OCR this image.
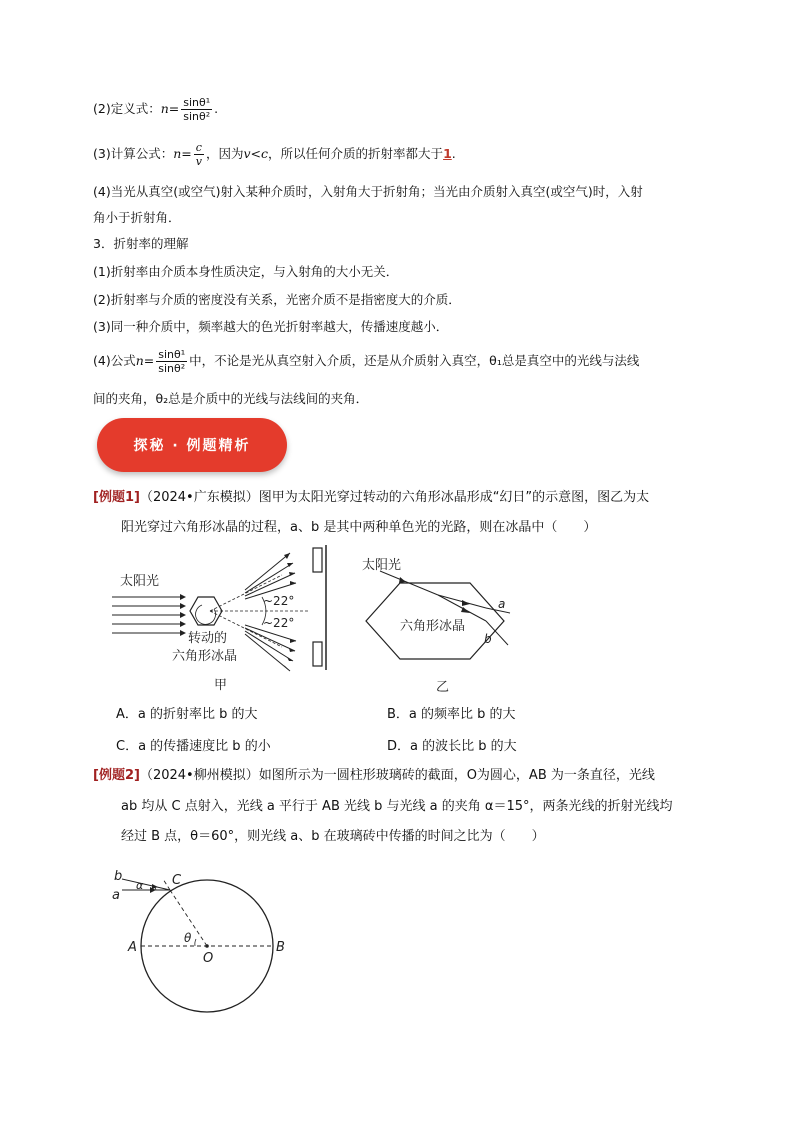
(2)定义式：$n= \frac{\text{sinθ¹}}{\text{sinθ²}}$ .
(3)计算公式：$n= \frac{c}{v}$ ，因为v<c，所以任何介质的折射率都大于1.
(4)当光从真空(或空气)射入某种介质时，入射角大于折射角；当光由介质射入真空(或空气)时，入射
角小于折射角．
3．折射率的理解
(1)折射率由介质本身性质决定，与入射角的大小无关．
(2)折射率与介质的密度没有关系，光密介质不是指密度大的介质．
(3)同一种介质中，频率越大的色光折射率越大，传播速度越小．
(4)公式$n= \frac{\text{sinθ¹}}{\text{sinθ²}}$ 中，不论是光从真空射入介质，还是从介质射入真空，θ₁总是真空中的光线与法线
间的夹角，θ₂总是介质中的光线与法线间的夹角．
探秘 · 例题精析
[例题1]（2024•广东模拟）图甲为太阳光穿过转动的六角形冰晶形成“幻日”的示意图，图乙为太
阳光穿过六角形冰晶的过程，a、b 是其中两种单色光的光路，则在冰晶中（　　）
太阳光
~22°
~22°
转动的
六角形冰晶
甲
太阳光
a
b
六角形冰晶
乙
A．a 的折射率比 b 的大	B．a 的频率比 b 的大
C．a 的传播速度比 b 的小	D．a 的波长比 b 的大
[例题2]（2024•柳州模拟）如图所示为一圆柱形玻璃砖的截面，O为圆心，AB 为一条直径，光线
ab 均从 C 点射入，光线 a 平行于 AB 光线 b 与光线 a 的夹角 α＝15°，两条光线的折射光线均
经过 B 点，θ＝60°，则光线 a、b 在玻璃砖中传播的时间之比为（　　）
b
a
α C
θ
A
O
B
